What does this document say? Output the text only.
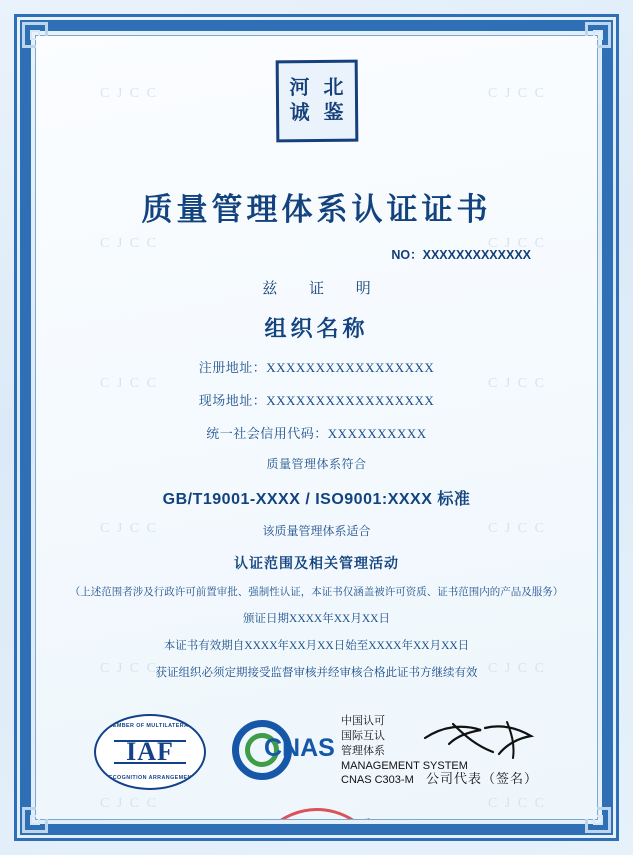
C J C C	C J C C
C J C C	C J C C
C J C C	C J C C
C J C C	C J C C
C J C C	C J C C
C J C C	C J C C
河 北
诚 鉴
质量管理体系认证证书
NO：XXXXXXXXXXXXX
兹 证 明
组织名称
注册地址：XXXXXXXXXXXXXXXXX
现场地址：XXXXXXXXXXXXXXXXX
统一社会信用代码：XXXXXXXXXX
质量管理体系符合
GB/T19001-XXXX / ISO9001:XXXX 标准
该质量管理体系适合
认证范围及相关管理活动
（上述范围者涉及行政许可前置审批、强制性认证，本证书仅涵盖被许可资质、证书范围内的产品及服务）
颁证日期XXXX年XX月XX日
本证书有效期自XXXX年XX月XX日始至XXXX年XX月XX日
获证组织必须定期接受监督审核并经审核合格此证书方继续有效
MEMBER OF MULTILATERAL
IAF
RECOGNITION ARRANGEMENT
CNAS
中国认可
国际互认
管理体系
MANAGEMENT SYSTEM
CNAS C303-M 公司代表（签名）
